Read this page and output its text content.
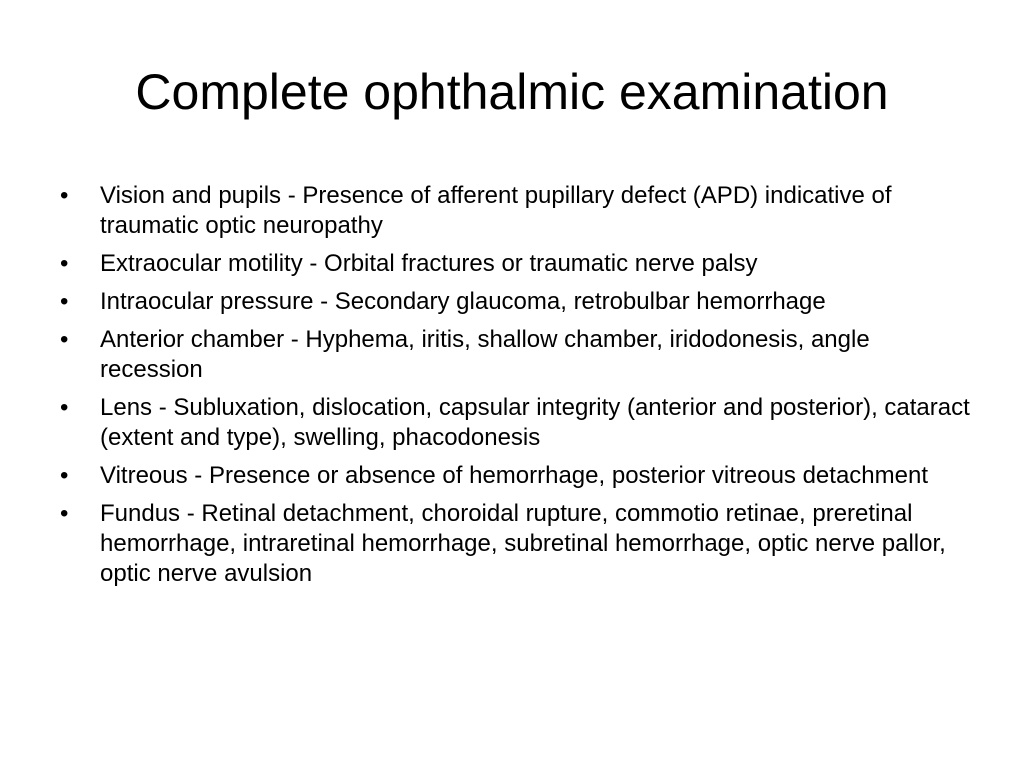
Complete ophthalmic examination
•	Vision and pupils - Presence of afferent pupillary defect (APD) indicative of traumatic optic neuropathy
•	Extraocular motility - Orbital fractures or traumatic nerve palsy
•	Intraocular pressure - Secondary glaucoma, retrobulbar hemorrhage
•	Anterior chamber - Hyphema, iritis, shallow chamber, iridodonesis, angle recession
•	Lens - Subluxation, dislocation, capsular integrity (anterior and posterior), cataract (extent and type), swelling, phacodonesis
•	Vitreous - Presence or absence of hemorrhage, posterior vitreous detachment
•	Fundus - Retinal detachment, choroidal rupture, commotio retinae, preretinal hemorrhage, intraretinal hemorrhage, subretinal hemorrhage, optic nerve pallor, optic nerve avulsion
